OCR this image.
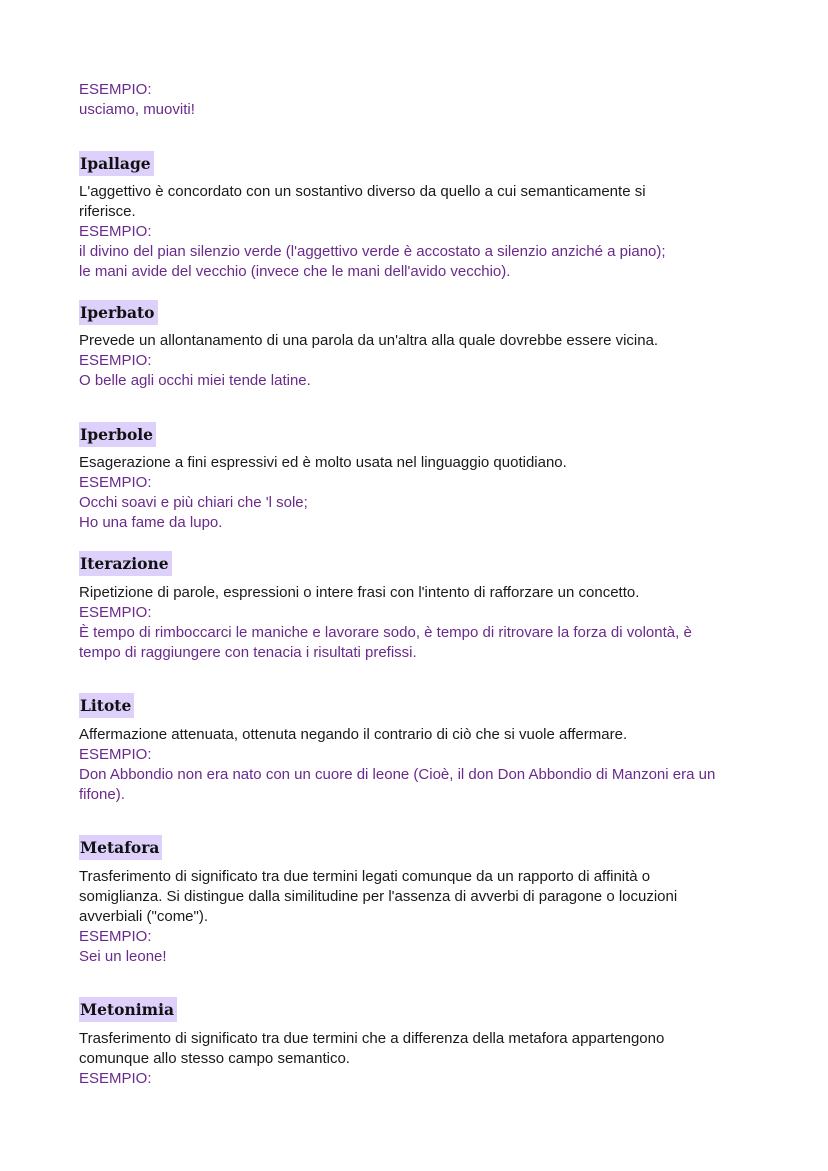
ESEMPIO:
usciamo, muoviti!
Ipallage
L'aggettivo è concordato con un sostantivo diverso da quello a cui semanticamente si
riferisce.
ESEMPIO:
il divino del pian silenzio verde (l'aggettivo verde è accostato a silenzio anziché a piano);
le mani avide del vecchio (invece che le mani dell'avido vecchio).
Iperbato
Prevede un allontanamento di una parola da un'altra alla quale dovrebbe essere vicina.
ESEMPIO:
O belle agli occhi miei tende latine.
Iperbole
Esagerazione a fini espressivi ed è molto usata nel linguaggio quotidiano.
ESEMPIO:
Occhi soavi e più chiari che 'l sole;
Ho una fame da lupo.
Iterazione
Ripetizione di parole, espressioni o intere frasi con l'intento di rafforzare un concetto.
ESEMPIO:
È tempo di rimboccarci le maniche e lavorare sodo, è tempo di ritrovare la forza di volontà, è
tempo di raggiungere con tenacia i risultati prefissi.
Litote
Affermazione attenuata, ottenuta negando il contrario di ciò che si vuole affermare.
ESEMPIO:
Don Abbondio non era nato con un cuore di leone (Cioè, il don Don Abbondio di Manzoni era un
fifone).
Metafora
Trasferimento di significato tra due termini legati comunque da un rapporto di affinità o
somiglianza. Si distingue dalla similitudine per l'assenza di avverbi di paragone o locuzioni
avverbiali ("come").
ESEMPIO:
Sei un leone!
Metonimia
Trasferimento di significato tra due termini che a differenza della metafora appartengono
comunque allo stesso campo semantico.
ESEMPIO:
